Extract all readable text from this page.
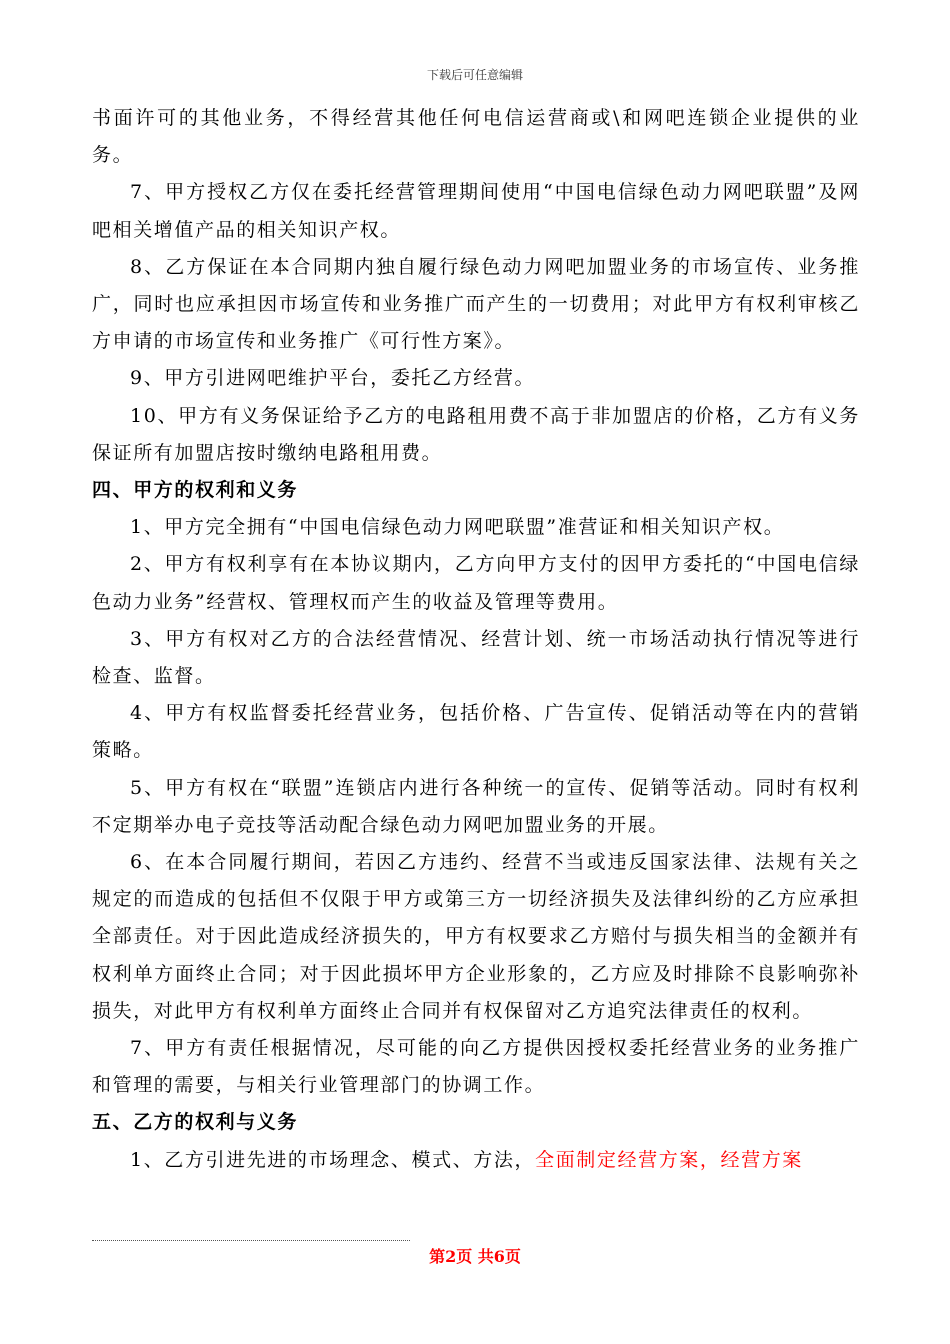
下载后可任意编辑

书面许可的其他业务，不得经营其他任何电信运营商或\和网吧连锁企业提供的业务。

7、甲方授权乙方仅在委托经营管理期间使用“中国电信绿色动力网吧联盟”及网吧相关增值产品的相关知识产权。

8、乙方保证在本合同期内独自履行绿色动力网吧加盟业务的市场宣传、业务推广，同时也应承担因市场宣传和业务推广而产生的一切费用；对此甲方有权利审核乙方申请的市场宣传和业务推广《可行性方案》。

9、甲方引进网吧维护平台，委托乙方经营。

10、甲方有义务保证给予乙方的电路租用费不高于非加盟店的价格，乙方有义务保证所有加盟店按时缴纳电路租用费。

四、甲方的权利和义务

1、甲方完全拥有“中国电信绿色动力网吧联盟”准营证和相关知识产权。

2、甲方有权利享有在本协议期内，乙方向甲方支付的因甲方委托的“中国电信绿色动力业务”经营权、管理权而产生的收益及管理等费用。

3、甲方有权对乙方的合法经营情况、经营计划、统一市场活动执行情况等进行检查、监督。

4、甲方有权监督委托经营业务，包括价格、广告宣传、促销活动等在内的营销策略。

5、甲方有权在“联盟”连锁店内进行各种统一的宣传、促销等活动。同时有权利不定期举办电子竞技等活动配合绿色动力网吧加盟业务的开展。

6、在本合同履行期间，若因乙方违约、经营不当或违反国家法律、法规有关之规定的而造成的包括但不仅限于甲方或第三方一切经济损失及法律纠纷的乙方应承担全部责任。对于因此造成经济损失的，甲方有权要求乙方赔付与损失相当的金额并有权利单方面终止合同；对于因此损坏甲方企业形象的，乙方应及时排除不良影响弥补损失，对此甲方有权利单方面终止合同并有权保留对乙方追究法律责任的权利。

7、甲方有责任根据情况，尽可能的向乙方提供因授权委托经营业务的业务推广和管理的需要，与相关行业管理部门的协调工作。

五、乙方的权利与义务

1、乙方引进先进的市场理念、模式、方法，全面制定经营方案，经营方案

第2页 共6页
